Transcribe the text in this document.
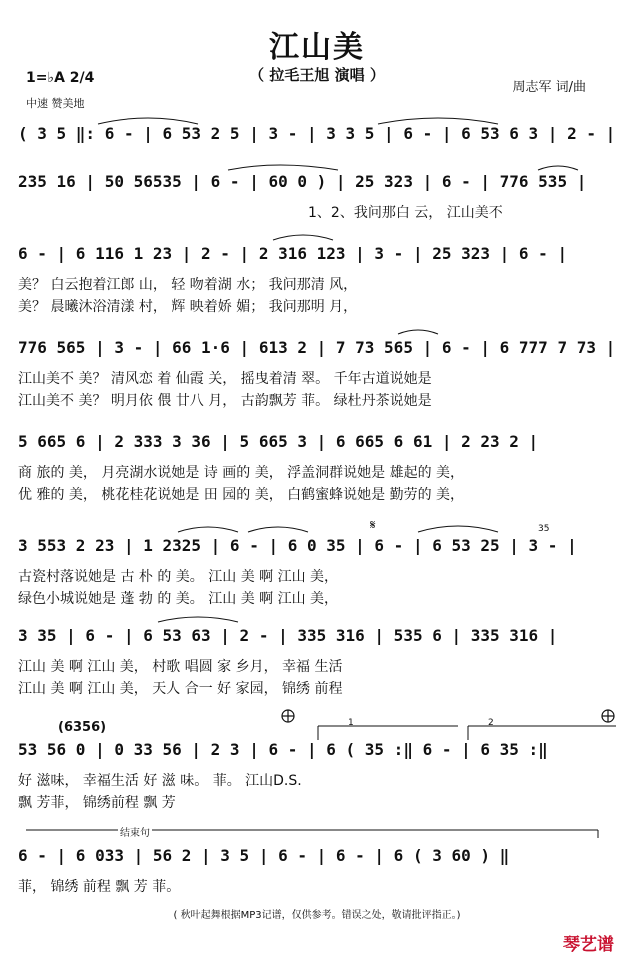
江山美
（ 拉毛王旭 演唱 ）
1=♭A 2/4
中速 赞美地
周志军 词/曲
( 3 5 ‖: 6 - | 6 53 2 5 | 3 - | 3 3 5 | 6 - | 6 53 6 3 | 2 - |
235 16 | 50 56535 | 6 - | 60 0 ) | 25 323 | 6 - | 776 535 |
1、2、我问那白 云， 江山美不
6 - | 6 116 1 23 | 2 - | 2 316 123 | 3 - | 25 323 | 6 - |
美？ 白云抱着江郎 山， 轻 吻着湖 水； 我问那清 风，
美？ 晨曦沐浴清漾 村， 辉 映着娇 媚； 我问那明 月，
776 565 | 3 - | 66 1·6 | 613 2 | 7 73 565 | 6 - | 6 777 7 73 |
江山美不 美？ 清风恋 着 仙霞 关， 摇曳着清 翠。 千年古道说她是
江山美不 美？ 明月依 偎 廿八 月， 古韵飘芳 菲。 绿杜丹茶说她是
5 665 6 | 2 333 3 36 | 5 665 3 | 6 665 6 61 | 2 23 2 |
商 旅的 美， 月亮湖水说她是 诗 画的 美， 浮盖洞群说她是 雄起的 美，
优 雅的 美， 桃花桂花说她是 田 园的 美， 白鹤蜜蜂说她是 勤劳的 美，
𝄋	35
3 553 2 23 | 1 2325 | 6 - | 6 0 35 | 6 - | 6 53 25 | 3 - |
古瓷村落说她是 古 朴 的 美。 江山 美 啊 江山 美，
绿色小城说她是 蓬 勃 的 美。 江山 美 啊 江山 美，
3 35 | 6 - | 6 53 63 | 2 - | 335 316 | 535 6 | 335 316 |
江山 美 啊 江山 美， 村歌 唱圆 家 乡月， 幸福 生活
江山 美 啊 江山 美， 天人 合一 好 家园， 锦绣 前程
(6356)	1	2
53 56 0 | 0 33 56 | 2 3 | 6 - | 6 ( 35 :‖ 6 - | 6 35 :‖
好 滋味， 幸福生活 好 滋 味。 菲。 江山D.S.
飘 芳菲， 锦绣前程 飘 芳
结束句
6 - | 6 033 | 56 2 | 3 5 | 6 - | 6 - | 6 ( 3 60 ) ‖
菲， 锦绣 前程 飘 芳 菲。
( 秋叶起舞根据MP3记谱，仅供参考。错误之处，敬请批评指正。)
琴艺谱
